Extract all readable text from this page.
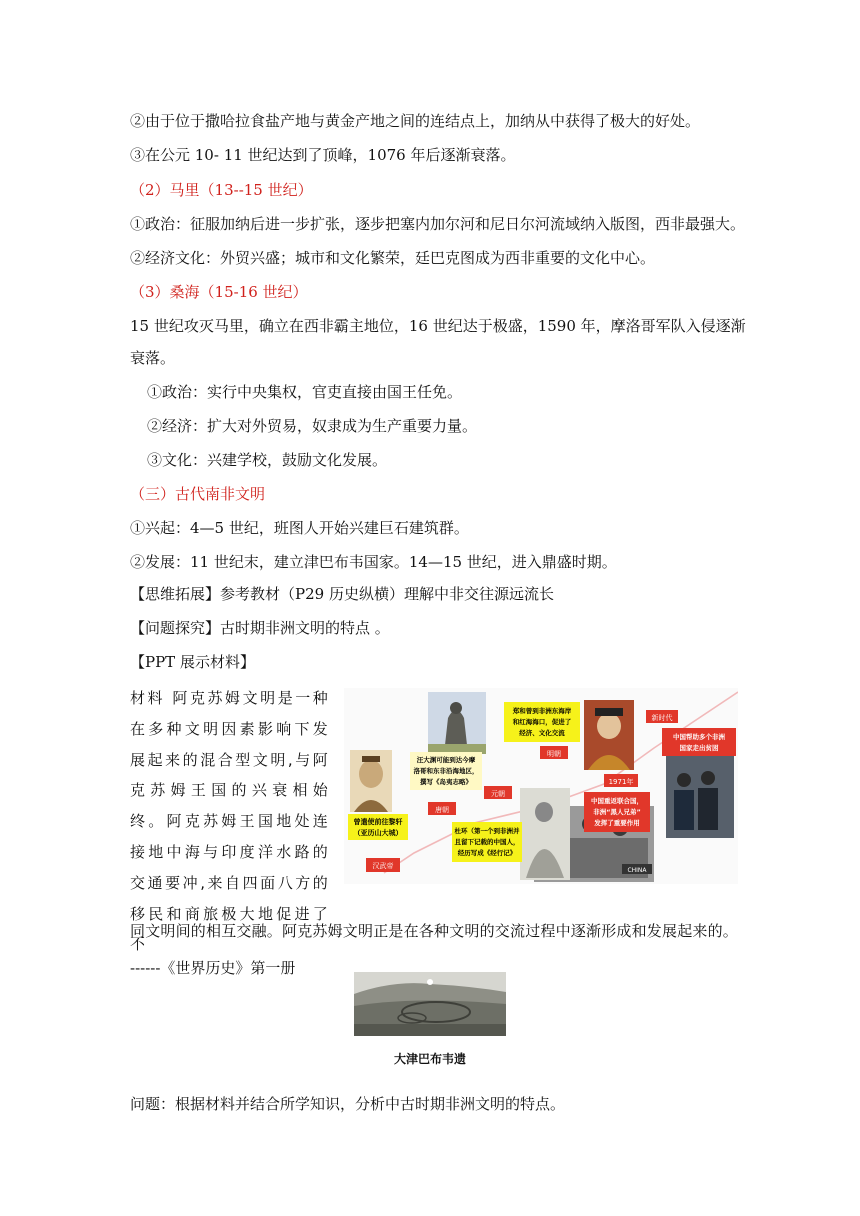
②由于位于撒哈拉食盐产地与黄金产地之间的连结点上，加纳从中获得了极大的好处。
③在公元 10- 11 世纪达到了顶峰，1076 年后逐渐衰落。
（2）马里（13--15 世纪）
①政治：征服加纳后进一步扩张，逐步把塞内加尔河和尼日尔河流域纳入版图，西非最强大。
②经济文化：外贸兴盛；城市和文化繁荣，廷巴克图成为西非重要的文化中心。
（3）桑海（15-16 世纪）
15 世纪攻灭马里，确立在西非霸主地位，16 世纪达于极盛，1590 年，摩洛哥军队入侵逐渐
衰落。
①政治：实行中央集权，官吏直接由国王任免。
②经济：扩大对外贸易，奴隶成为生产重要力量。
③文化：兴建学校，鼓励文化发展。
（三）古代南非文明
①兴起：4—5 世纪，班图人开始兴建巨石建筑群。
②发展：11 世纪末，建立津巴布韦国家。14—15 世纪，进入鼎盛时期。
【思维拓展】参考教材（P29 历史纵横）理解中非交往源远流长
【问题探究】古时期非洲文明的特点 。
【PPT 展示材料】
材料 阿克苏姆文明是一种在多种文明因素影响下发展起来的混合型文明,与阿克苏姆王国的兴衰相始终。阿克苏姆王国地处连接地中海与印度洋水路的交通要冲,来自四面八方的移民和商旅极大地促进了不
同文明间的相互交融。阿克苏姆文明正是在各种文明的交流过程中逐渐形成和发展起来的。
------《世界历史》第一册
CHINA
曾遣使前往黎轩
（亚历山大城）
汪大渊可能到达今摩
洛哥和东非沿海地区，
撰写《岛夷志略》
杜环（第一个到非洲并
且留下记载的中国人，
经历写成《经行记》
郑和曾到非洲东海岸
和红海海口，促进了
经济、文化交流
中国重返联合国，
非洲“黑人兄弟”
发挥了重要作用
中国帮助多个非洲
国家走出贫困
汉武帝
唐朝
元朝
明朝
1971年
新时代
大津巴布韦遗
问题：根据材料并结合所学知识，分析中古时期非洲文明的特点。
